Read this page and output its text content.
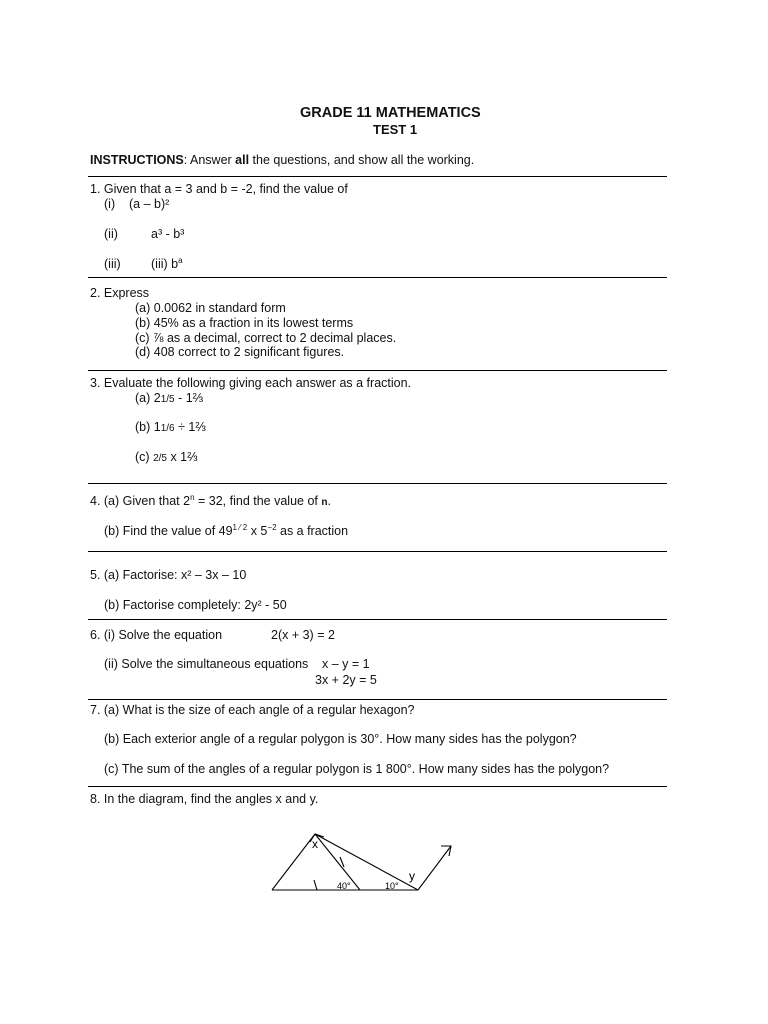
GRADE 11 MATHEMATICS
TEST 1
INSTRUCTIONS: Answer all the questions, and show all the working.
1. Given that a = 3 and b = -2, find the value of
(i) (a – b)²
(ii)	a³ - b³
(iii) (iii) $b^a$
2. Express
(a) 0.0062 in standard form
(b) 45% as a fraction in its lowest terms
(c) ⅞ as a decimal, correct to 2 decimal places.
(d) 408 correct to 2 significant figures.
3. Evaluate the following giving each answer as a fraction.
(a) 21/5 - 1⅔
(b) 11/6 ÷ 1⅔
(c) 2/5 x 1⅔
4. (a) Given that $2^n = 32$, find the value of n.
(b) Find the value of $49^{1 ⁄ 2}$ x $5^{-2}$ as a fraction
5. (a) Factorise: x² – 3x – 10
(b) Factorise completely: 2y² - 50
6. (i) Solve the equation	2(x + 3) = 2
(ii) Solve the simultaneous equations x – y = 1
3x + 2y = 5
7. (a) What is the size of each angle of a regular hexagon?
(b) Each exterior angle of a regular polygon is 30°. How many sides has the polygon?
(c) The sum of the angles of a regular polygon is 1 800°. How many sides has the polygon?
8. In the diagram, find the angles x and y.
x
y
40°	10°
